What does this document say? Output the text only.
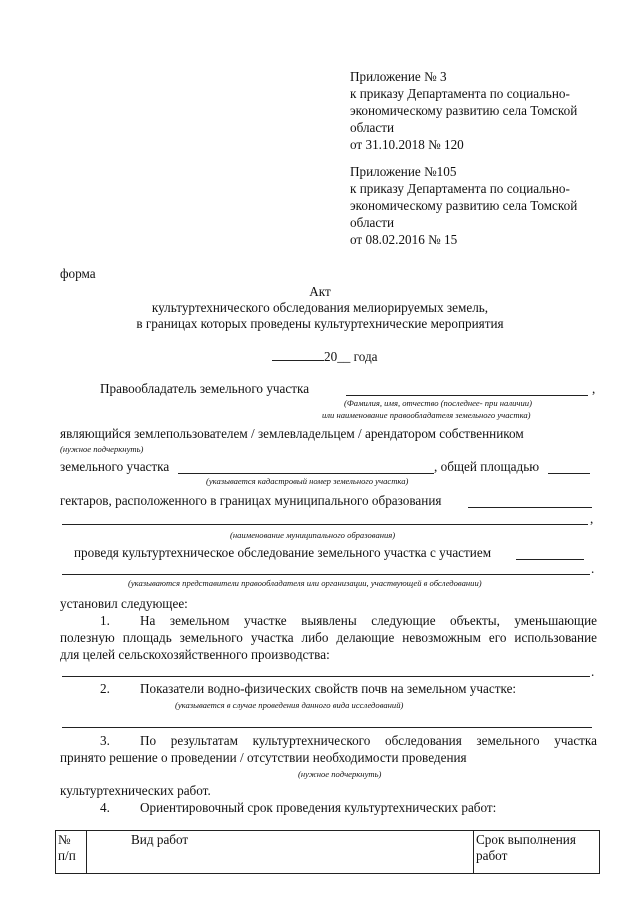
Приложение № 3
к приказу Департамента по социально-
экономическому развитию села Томской
области
от 31.10.2018 № 120
Приложение №105
к приказу Департамента по социально-
экономическому развитию села Томской
области
от 08.02.2016 № 15
форма
Акт
культуртехнического обследования мелиорируемых земель,
в границах которых проведены культуртехнические мероприятия
20__ года
Правообладатель земельного участка	,
(Фамилия, имя, отчество (последнее- при наличии)
или наименование правообладателя земельного участка)
являющийся землепользователем / землевладельцем / арендатором собственником
(нужное подчеркнуть)
земельного участка	, общей площадью
(указывается кадастровый номер земельного участка)
гектаров, расположенного в границах муниципального образования
,
(наименование муниципального образования)
проведя культуртехническое обследование земельного участка с участием
.
(указываются представители правообладателя или организации, участвующей в обследовании)
установил следующее:
1. На земельном участке выявлены следующие объекты, уменьшающие
полезную площадь земельного участка либо делающие невозможным его использование
для целей сельскохозяйственного производства:
.
2. Показатели водно-физических свойств почв на земельном участке:
(указывается в случае проведения данного вида исследований)
3. По результатам культуртехнического обследования земельного участка
принято решение о проведении / отсутствии необходимости проведения
(нужное подчеркнуть)
культуртехнических работ.
4. Ориентировочный срок проведения культуртехнических работ:
№
п/п
	Вид работ	Срок выполнения работ
